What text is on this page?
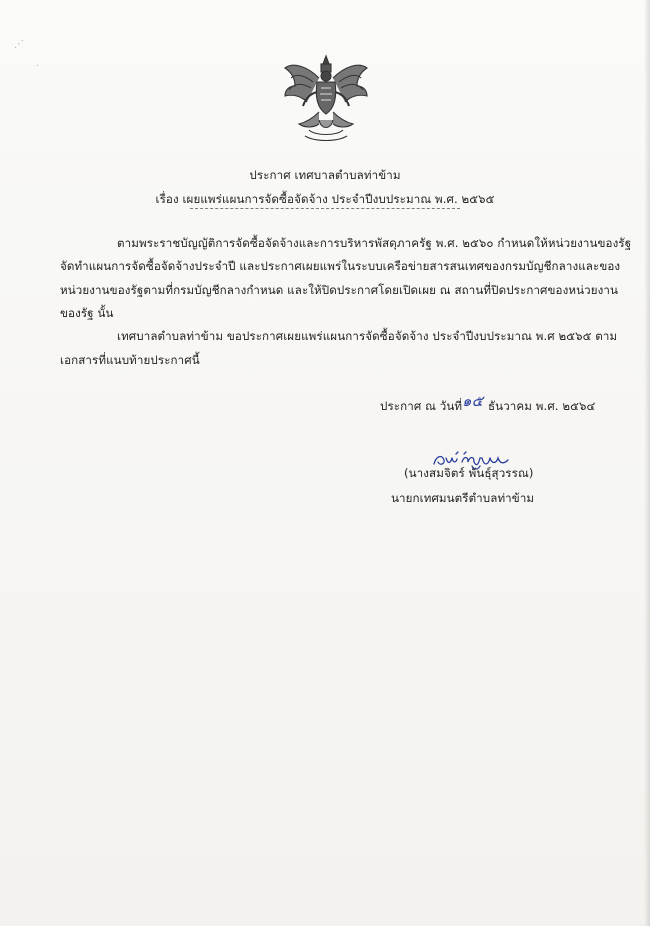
⋰
·
ประกาศ เทศบาลตำบลท่าข้าม
เรื่อง เผยแพร่แผนการจัดซื้อจัดจ้าง ประจำปีงบประมาณ พ.ศ. ๒๕๖๕
ตามพระราชบัญญัติการจัดซื้อจัดจ้างและการบริหารพัสดุภาครัฐ พ.ศ. ๒๕๖๐ กำหนดให้หน่วยงานของรัฐ
จัดทำแผนการจัดซื้อจัดจ้างประจำปี และประกาศเผยแพร่ในระบบเครือข่ายสารสนเทศของกรมบัญชีกลางและของ
หน่วยงานของรัฐตามที่กรมบัญชีกลางกำหนด และให้ปิดประกาศโดยเปิดเผย ณ สถานที่ปิดประกาศของหน่วยงาน
ของรัฐ นั้น
เทศบาลตำบลท่าข้าม ขอประกาศเผยแพร่แผนการจัดซื้อจัดจ้าง ประจำปีงบประมาณ พ.ศ ๒๕๖๕ ตาม
เอกสารที่แนบท้ายประกาศนี้
ประกาศ ณ วันที่ ๑๕ ธันวาคม พ.ศ. ๒๕๖๔
(นางสมจิตร์ พันธุ์สุวรรณ)
นายกเทศมนตรีตำบลท่าข้าม
